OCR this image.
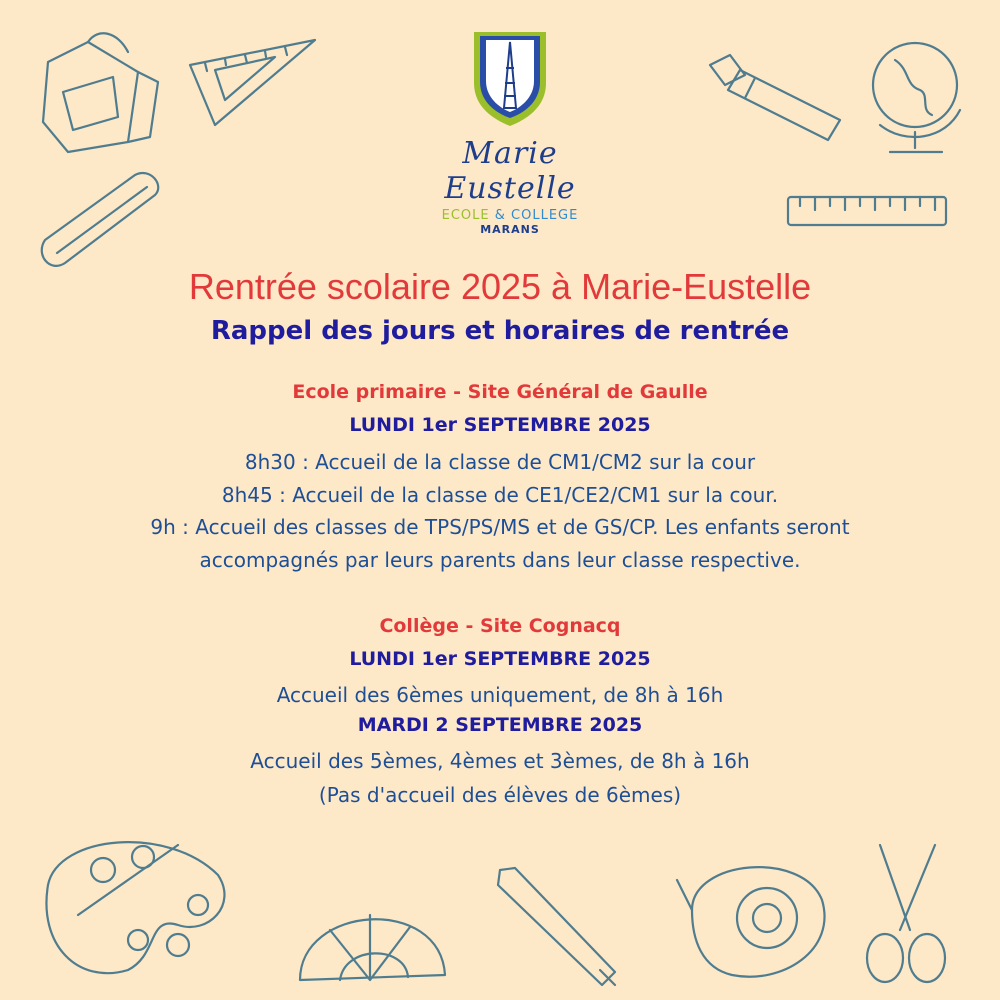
Marie Eustelle
ECOLE & COLLEGE
MARANS
Rentrée scolaire 2025 à Marie-Eustelle
Rappel des jours et horaires de rentrée
Ecole primaire - Site Général de Gaulle
LUNDI 1er SEPTEMBRE 2025
8h30 : Accueil de la classe de CM1/CM2 sur la cour
8h45 : Accueil de la classe de CE1/CE2/CM1 sur la cour.
9h : Accueil des classes de TPS/PS/MS et de GS/CP. Les enfants seront
accompagnés par leurs parents dans leur classe respective.
Collège - Site Cognacq
LUNDI 1er SEPTEMBRE 2025
Accueil des 6èmes uniquement, de 8h à 16h
MARDI 2 SEPTEMBRE 2025
Accueil des 5èmes, 4èmes et 3èmes, de 8h à 16h
(Pas d'accueil des élèves de 6èmes)
